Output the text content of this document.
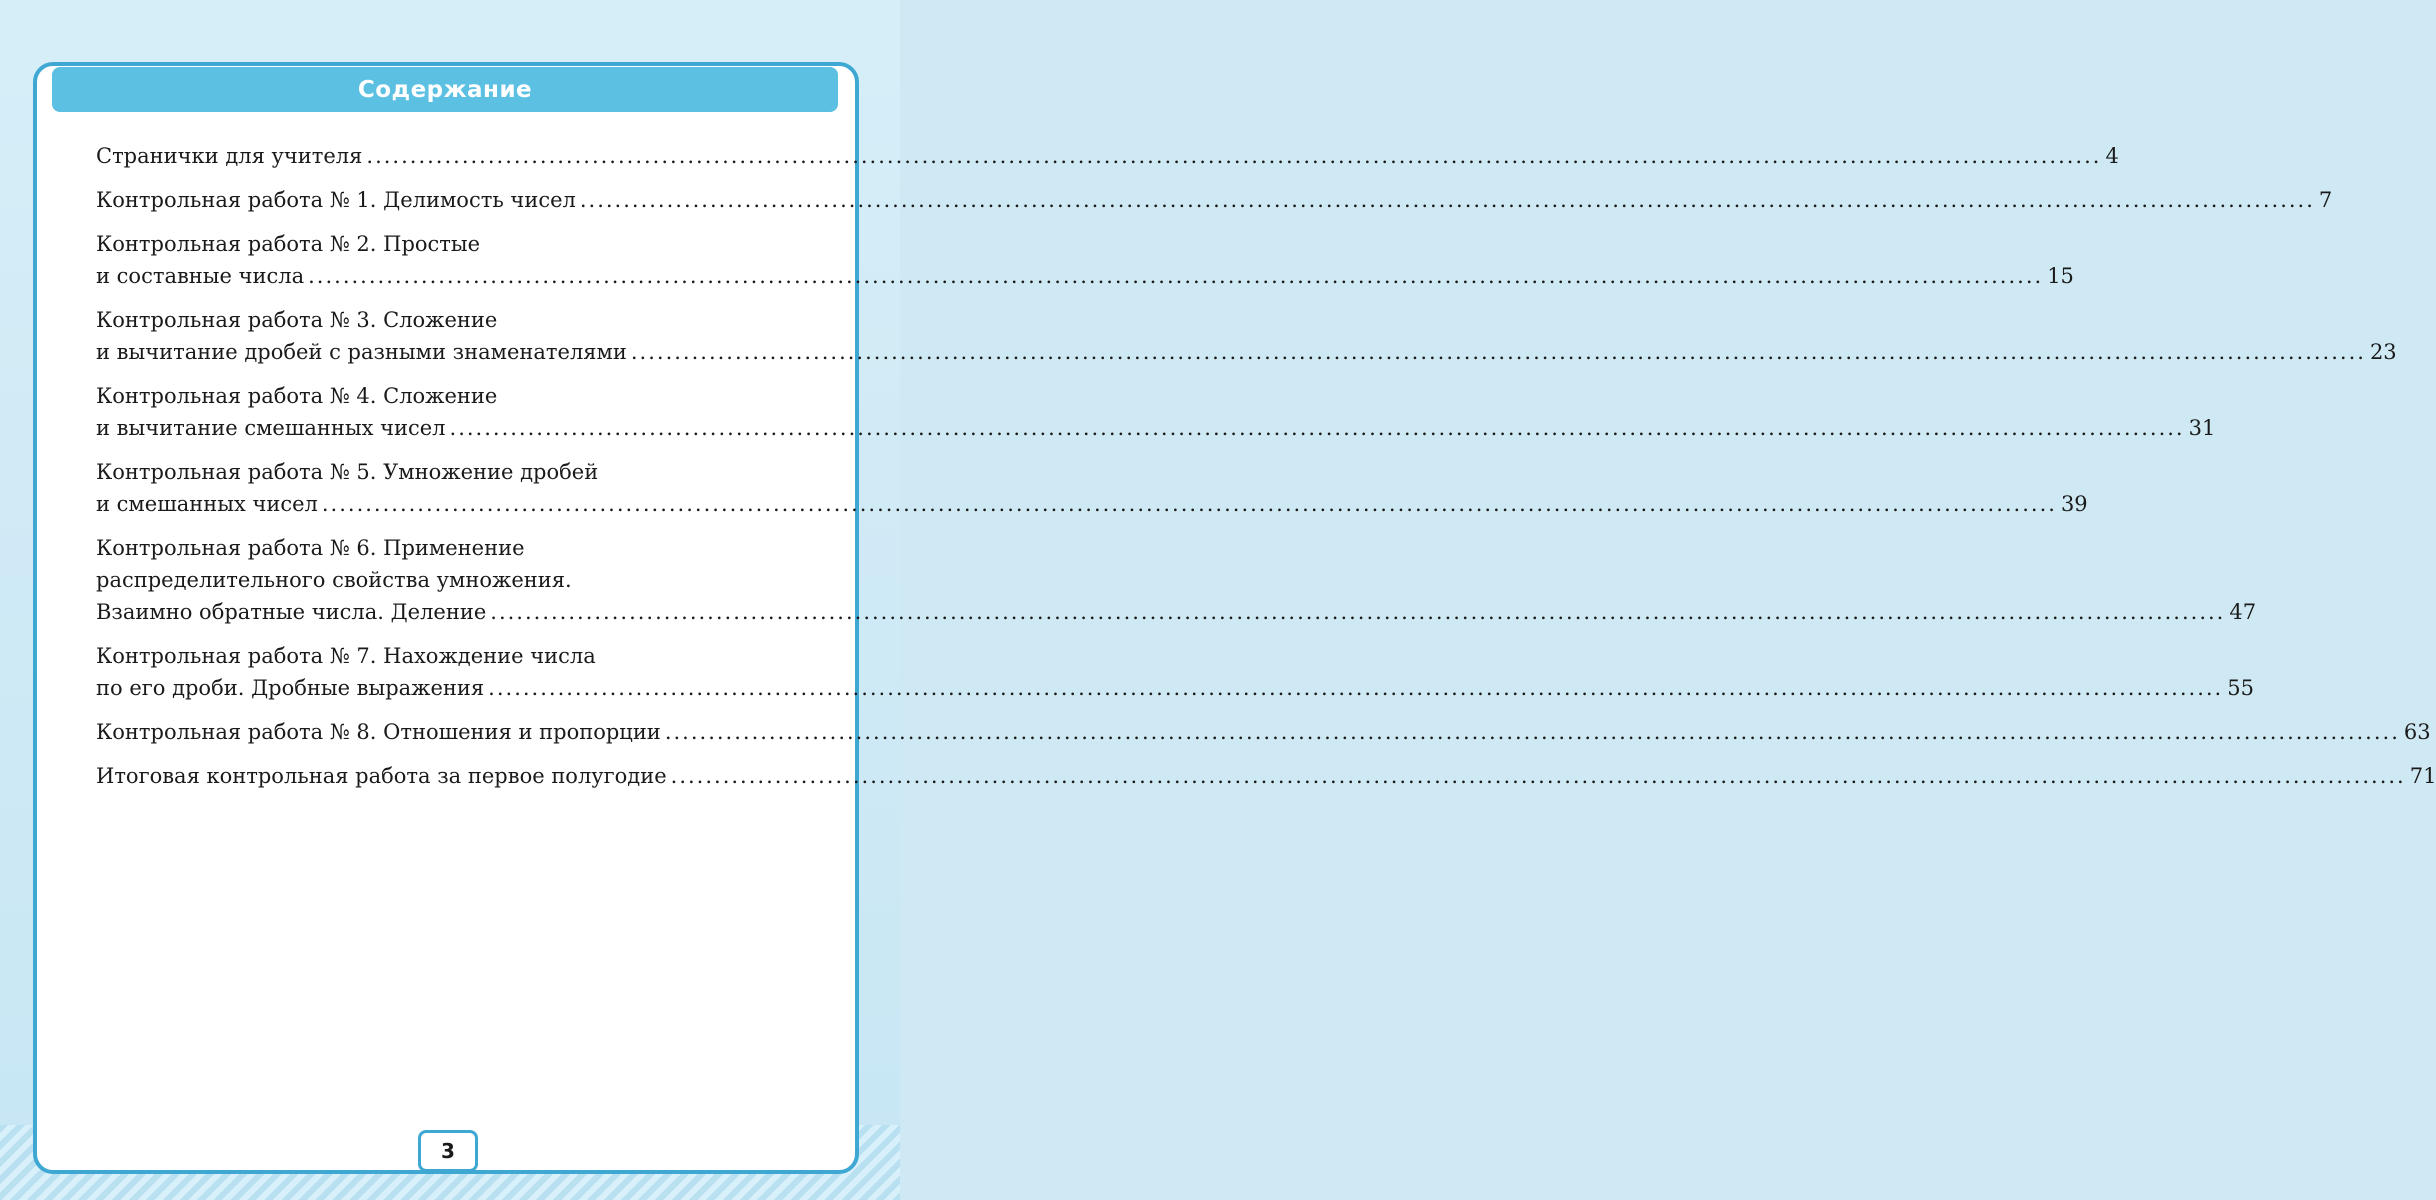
Содержание
Странички для учителя ........................................................................................................................................................................................................ 4
Контрольная работа № 1. Делимость чисел ........................................................................................................................................................................................................ 7
Контрольная работа № 2. Простые
и составные числа ........................................................................................................................................................................................................ 15
Контрольная работа № 3. Сложение
и вычитание дробей с разными знаменателями ........................................................................................................................................................................................................ 23
Контрольная работа № 4. Сложение
и вычитание смешанных чисел ........................................................................................................................................................................................................ 31
Контрольная работа № 5. Умножение дробей
и смешанных чисел ........................................................................................................................................................................................................ 39
Контрольная работа № 6. Применение
распределительного свойства умножения.
Взаимно обратные числа. Деление ........................................................................................................................................................................................................ 47
Контрольная работа № 7. Нахождение числа
по его дроби. Дробные выражения ........................................................................................................................................................................................................ 55
Контрольная работа № 8. Отношения и пропорции ........................................................................................................................................................................................................ 63
Итоговая контрольная работа за первое полугодие ........................................................................................................................................................................................................ 71
3
